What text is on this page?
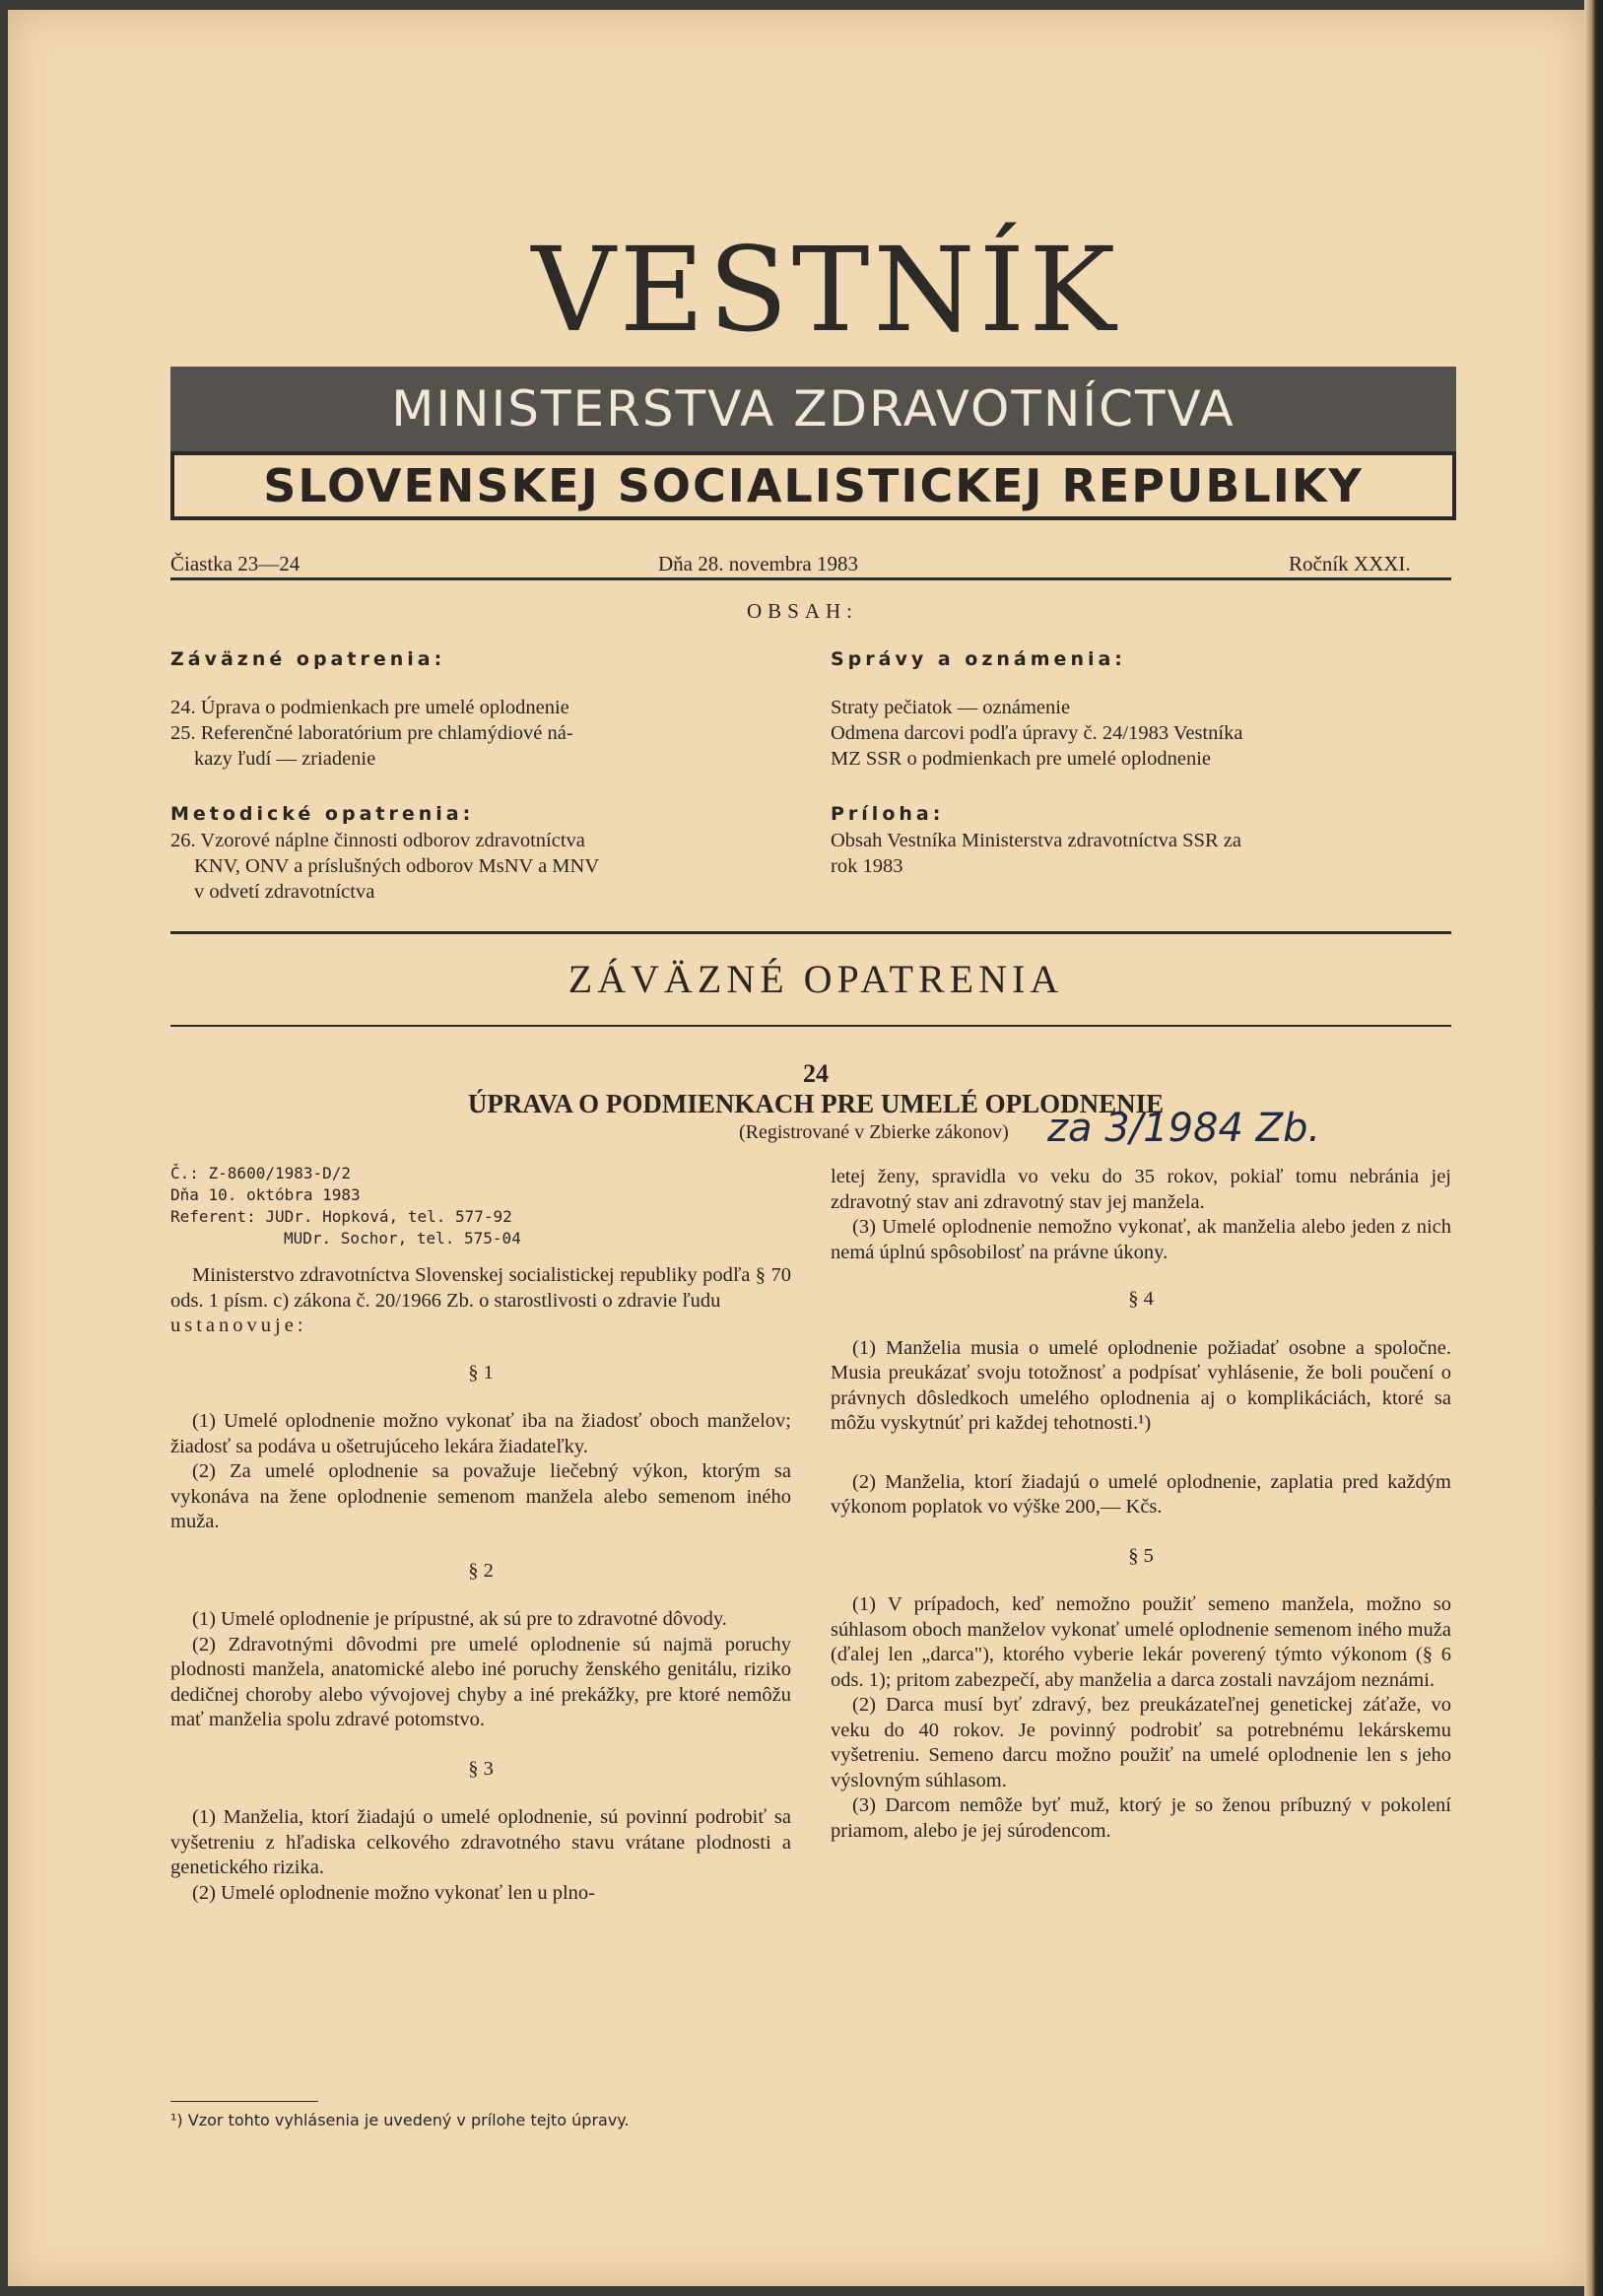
VESTNÍK
MINISTERSTVA ZDRAVOTNÍCTVA
SLOVENSKEJ SOCIALISTICKEJ REPUBLIKY
Čiastka 23—24	Dňa 28. novembra 1983	Ročník XXXI.
OBSAH:
Záväzné opatrenia:
24. Úprava o podmienkach pre umelé oplodnenie
25. Referenčné laboratórium pre chlamýdiové ná-
kazy ľudí — zriadenie
Metodické opatrenia:
26. Vzorové náplne činnosti odborov zdravotníctva
KNV, ONV a príslušných odborov MsNV a MNV
v odvetí zdravotníctva
Správy a oznámenia:
Straty pečiatok — oznámenie
Odmena darcovi podľa úpravy č. 24/1983 Vestníka
MZ SSR o podmienkach pre umelé oplodnenie
Príloha:
Obsah Vestníka Ministerstva zdravotníctva SSR za
rok 1983
ZÁVÄZNÉ OPATRENIA
24
ÚPRAVA O PODMIENKACH PRE UMELÉ OPLODNENIE
(Registrované v Zbierke zákonov) za 3/1984 Zb.
Č.: Z-8600/1983-D/2
Dňa 10. októbra 1983
Referent: JUDr. Hopková, tel. 577-92
MUDr. Sochor, tel. 575-04

Ministerstvo zdravotníctva Slovenskej socialistickej republiky podľa § 70 ods. 1 písm. c) zákona č. 20/1966 Zb. o starostlivosti o zdravie ľudu

ustanovuje:

§ 1

(1) Umelé oplodnenie možno vykonať iba na žiadosť oboch manželov; žiadosť sa podáva u ošetrujúceho lekára žiadateľky.

(2) Za umelé oplodnenie sa považuje liečebný výkon, ktorým sa vykonáva na žene oplodnenie semenom manžela alebo semenom iného muža.

§ 2

(1) Umelé oplodnenie je prípustné, ak sú pre to zdravotné dôvody.

(2) Zdravotnými dôvodmi pre umelé oplodnenie sú najmä poruchy plodnosti manžela, anatomické alebo iné poruchy ženského genitálu, riziko dedičnej choroby alebo vývojovej chyby a iné prekážky, pre ktoré nemôžu mať manželia spolu zdravé potomstvo.

§ 3

(1) Manželia, ktorí žiadajú o umelé oplodnenie, sú povinní podrobiť sa vyšetreniu z hľadiska celkového zdravotného stavu vrátane plodnosti a genetického rizika.

(2) Umelé oplodnenie možno vykonať len u plno-

letej ženy, spravidla vo veku do 35 rokov, pokiaľ tomu nebránia jej zdravotný stav ani zdravotný stav jej manžela.

(3) Umelé oplodnenie nemožno vykonať, ak manželia alebo jeden z nich nemá úplnú spôsobilosť na právne úkony.

§ 4

(1) Manželia musia o umelé oplodnenie požiadať osobne a spoločne. Musia preukázať svoju totožnosť a podpísať vyhlásenie, že boli poučení o právnych dôsledkoch umelého oplodnenia aj o komplikáciách, ktoré sa môžu vyskytnúť pri každej tehotnosti.¹)

(2) Manželia, ktorí žiadajú o umelé oplodnenie, zaplatia pred každým výkonom poplatok vo výške 200,— Kčs.

§ 5

(1) V prípadoch, keď nemožno použiť semeno manžela, možno so súhlasom oboch manželov vykonať umelé oplodnenie semenom iného muža (ďalej len „darca"), ktorého vyberie lekár poverený týmto výkonom (§ 6 ods. 1); pritom zabezpečí, aby manželia a darca zostali navzájom neznámi.

(2) Darca musí byť zdravý, bez preukázateľnej genetickej záťaže, vo veku do 40 rokov. Je povinný podrobiť sa potrebnému lekárskemu vyšetreniu. Semeno darcu možno použiť na umelé oplodnenie len s jeho výslovným súhlasom.

(3) Darcom nemôže byť muž, ktorý je so ženou príbuzný v pokolení priamom, alebo je jej súrodencom.

¹) Vzor tohto vyhlásenia je uvedený v prílohe tejto úpravy.
